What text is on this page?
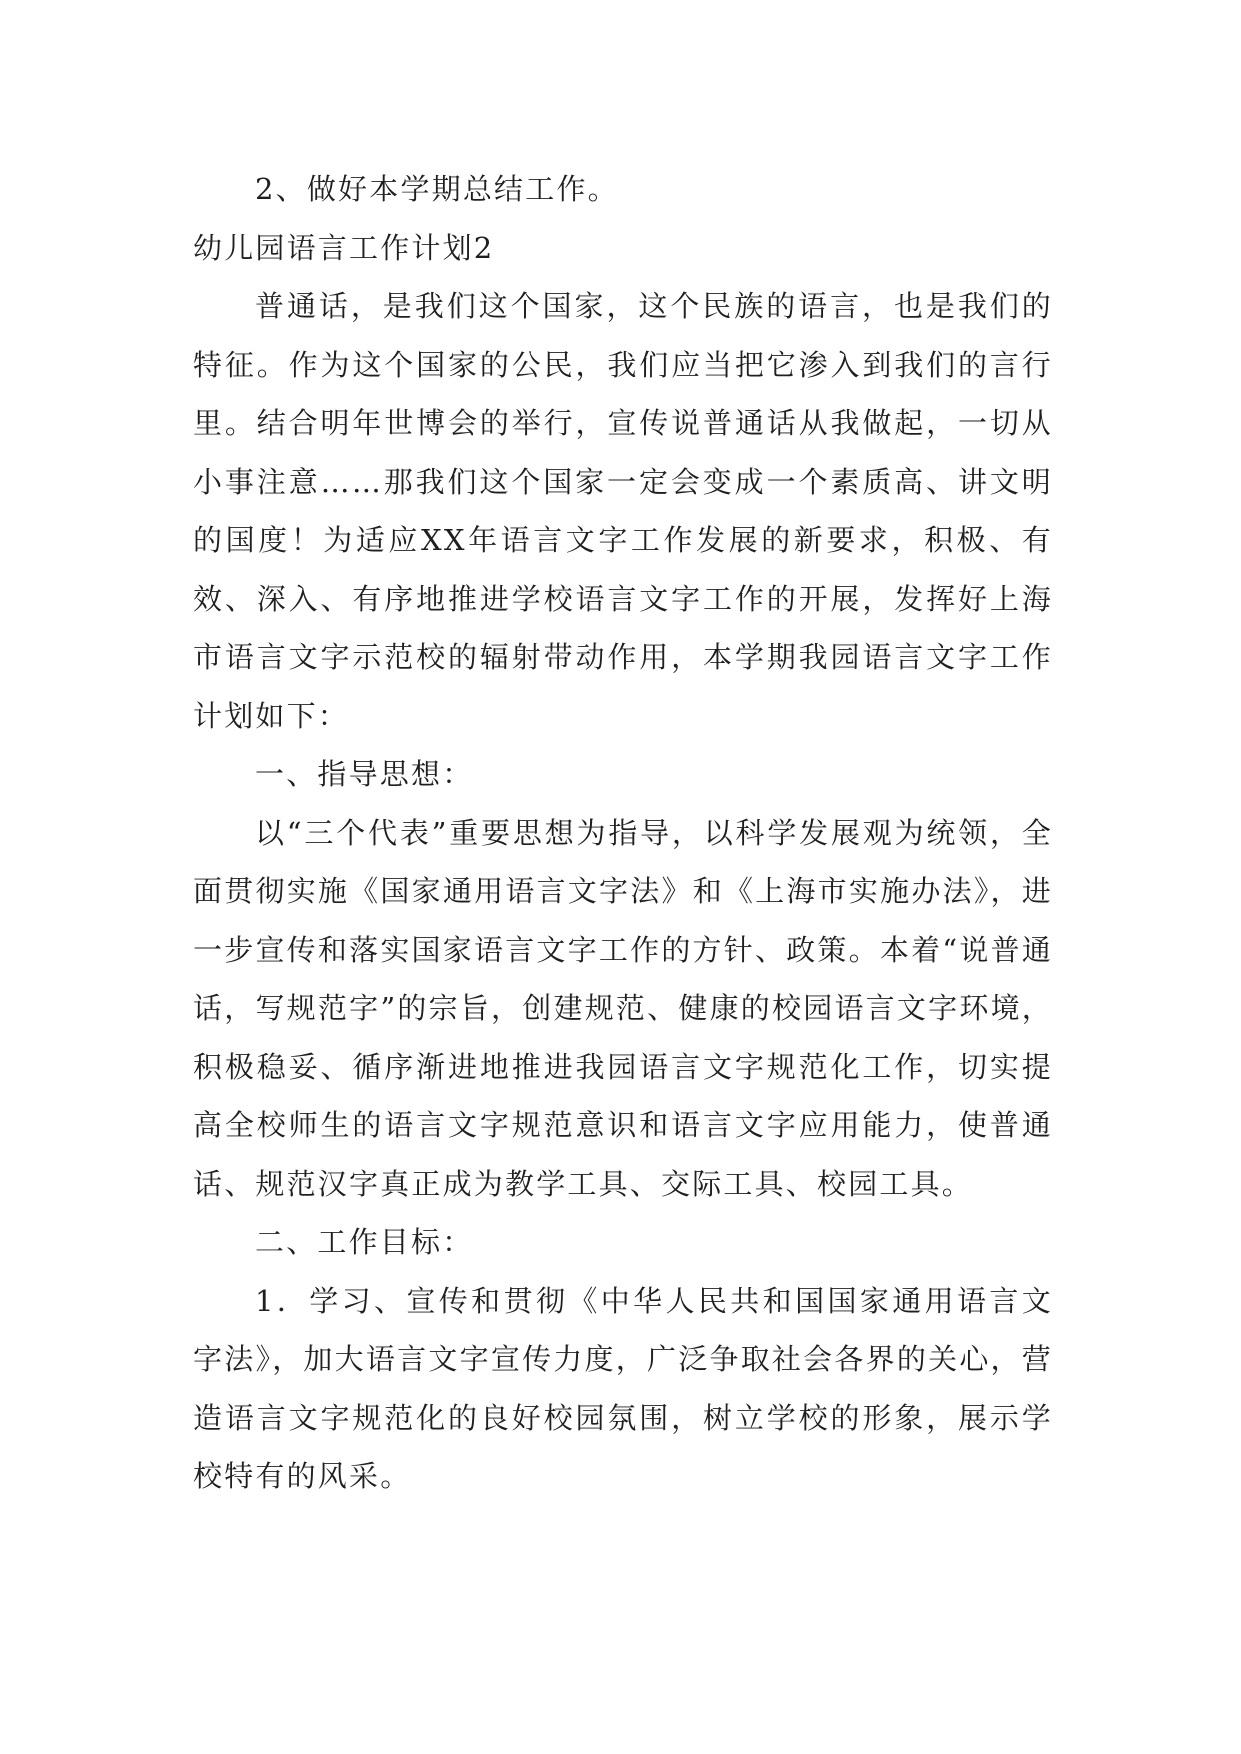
2、做好本学期总结工作。

幼儿园语言工作计划2

普通话，是我们这个国家，这个民族的语言，也是我们的特征。作为这个国家的公民，我们应当把它渗入到我们的言行里。结合明年世博会的举行，宣传说普通话从我做起，一切从小事注意……那我们这个国家一定会变成一个素质高、讲文明的国度！为适应XX年语言文字工作发展的新要求，积极、有效、深入、有序地推进学校语言文字工作的开展，发挥好上海市语言文字示范校的辐射带动作用，本学期我园语言文字工作计划如下：

一、指导思想：

以“三个代表”重要思想为指导，以科学发展观为统领，全面贯彻实施《国家通用语言文字法》和《上海市实施办法》，进一步宣传和落实国家语言文字工作的方针、政策。本着“说普通话，写规范字”的宗旨，创建规范、健康的校园语言文字环境，积极稳妥、循序渐进地推进我园语言文字规范化工作，切实提高全校师生的语言文字规范意识和语言文字应用能力，使普通话、规范汉字真正成为教学工具、交际工具、校园工具。

二、工作目标：

1．学习、宣传和贯彻《中华人民共和国国家通用语言文字法》，加大语言文字宣传力度，广泛争取社会各界的关心，营造语言文字规范化的良好校园氛围，树立学校的形象，展示学校特有的风采。
